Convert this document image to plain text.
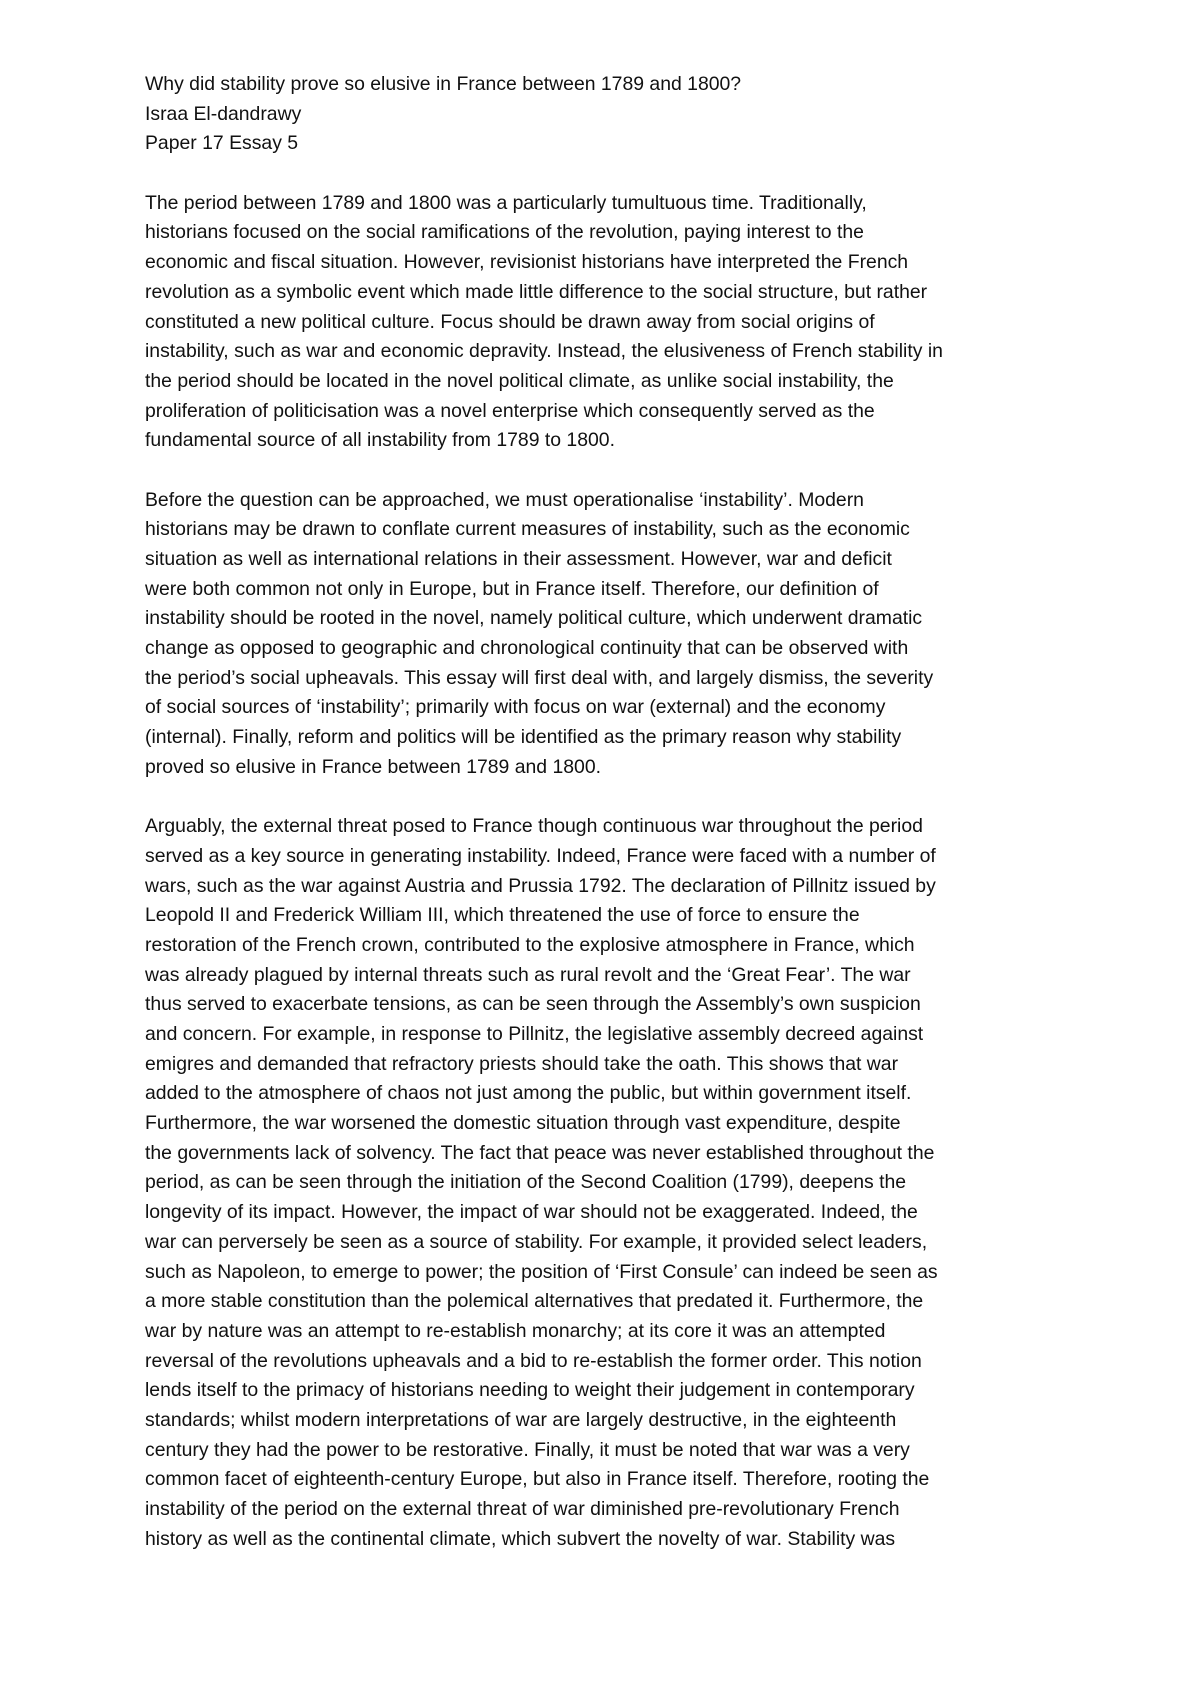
Why did stability prove so elusive in France between 1789 and 1800?
Israa El-dandrawy
Paper 17 Essay 5
The period between 1789 and 1800 was a particularly tumultuous time. Traditionally,
historians focused on the social ramifications of the revolution, paying interest to the
economic and fiscal situation. However, revisionist historians have interpreted the French
revolution as a symbolic event which made little difference to the social structure, but rather
constituted a new political culture. Focus should be drawn away from social origins of
instability, such as war and economic depravity. Instead, the elusiveness of French stability in
the period should be located in the novel political climate, as unlike social instability, the
proliferation of politicisation was a novel enterprise which consequently served as the
fundamental source of all instability from 1789 to 1800.
Before the question can be approached, we must operationalise ‘instability’. Modern
historians may be drawn to conflate current measures of instability, such as the economic
situation as well as international relations in their assessment. However, war and deficit
were both common not only in Europe, but in France itself. Therefore, our definition of
instability should be rooted in the novel, namely political culture, which underwent dramatic
change as opposed to geographic and chronological continuity that can be observed with
the period’s social upheavals. This essay will first deal with, and largely dismiss, the severity
of social sources of ‘instability’; primarily with focus on war (external) and the economy
(internal). Finally, reform and politics will be identified as the primary reason why stability
proved so elusive in France between 1789 and 1800.
Arguably, the external threat posed to France though continuous war throughout the period
served as a key source in generating instability. Indeed, France were faced with a number of
wars, such as the war against Austria and Prussia 1792. The declaration of Pillnitz issued by
Leopold II and Frederick William III, which threatened the use of force to ensure the
restoration of the French crown, contributed to the explosive atmosphere in France, which
was already plagued by internal threats such as rural revolt and the ‘Great Fear’. The war
thus served to exacerbate tensions, as can be seen through the Assembly’s own suspicion
and concern. For example, in response to Pillnitz, the legislative assembly decreed against
emigres and demanded that refractory priests should take the oath. This shows that war
added to the atmosphere of chaos not just among the public, but within government itself.
Furthermore, the war worsened the domestic situation through vast expenditure, despite
the governments lack of solvency. The fact that peace was never established throughout the
period, as can be seen through the initiation of the Second Coalition (1799), deepens the
longevity of its impact. However, the impact of war should not be exaggerated. Indeed, the
war can perversely be seen as a source of stability. For example, it provided select leaders,
such as Napoleon, to emerge to power; the position of ‘First Consule’ can indeed be seen as
a more stable constitution than the polemical alternatives that predated it. Furthermore, the
war by nature was an attempt to re-establish monarchy; at its core it was an attempted
reversal of the revolutions upheavals and a bid to re-establish the former order. This notion
lends itself to the primacy of historians needing to weight their judgement in contemporary
standards; whilst modern interpretations of war are largely destructive, in the eighteenth
century they had the power to be restorative. Finally, it must be noted that war was a very
common facet of eighteenth-century Europe, but also in France itself. Therefore, rooting the
instability of the period on the external threat of war diminished pre-revolutionary French
history as well as the continental climate, which subvert the novelty of war. Stability was
